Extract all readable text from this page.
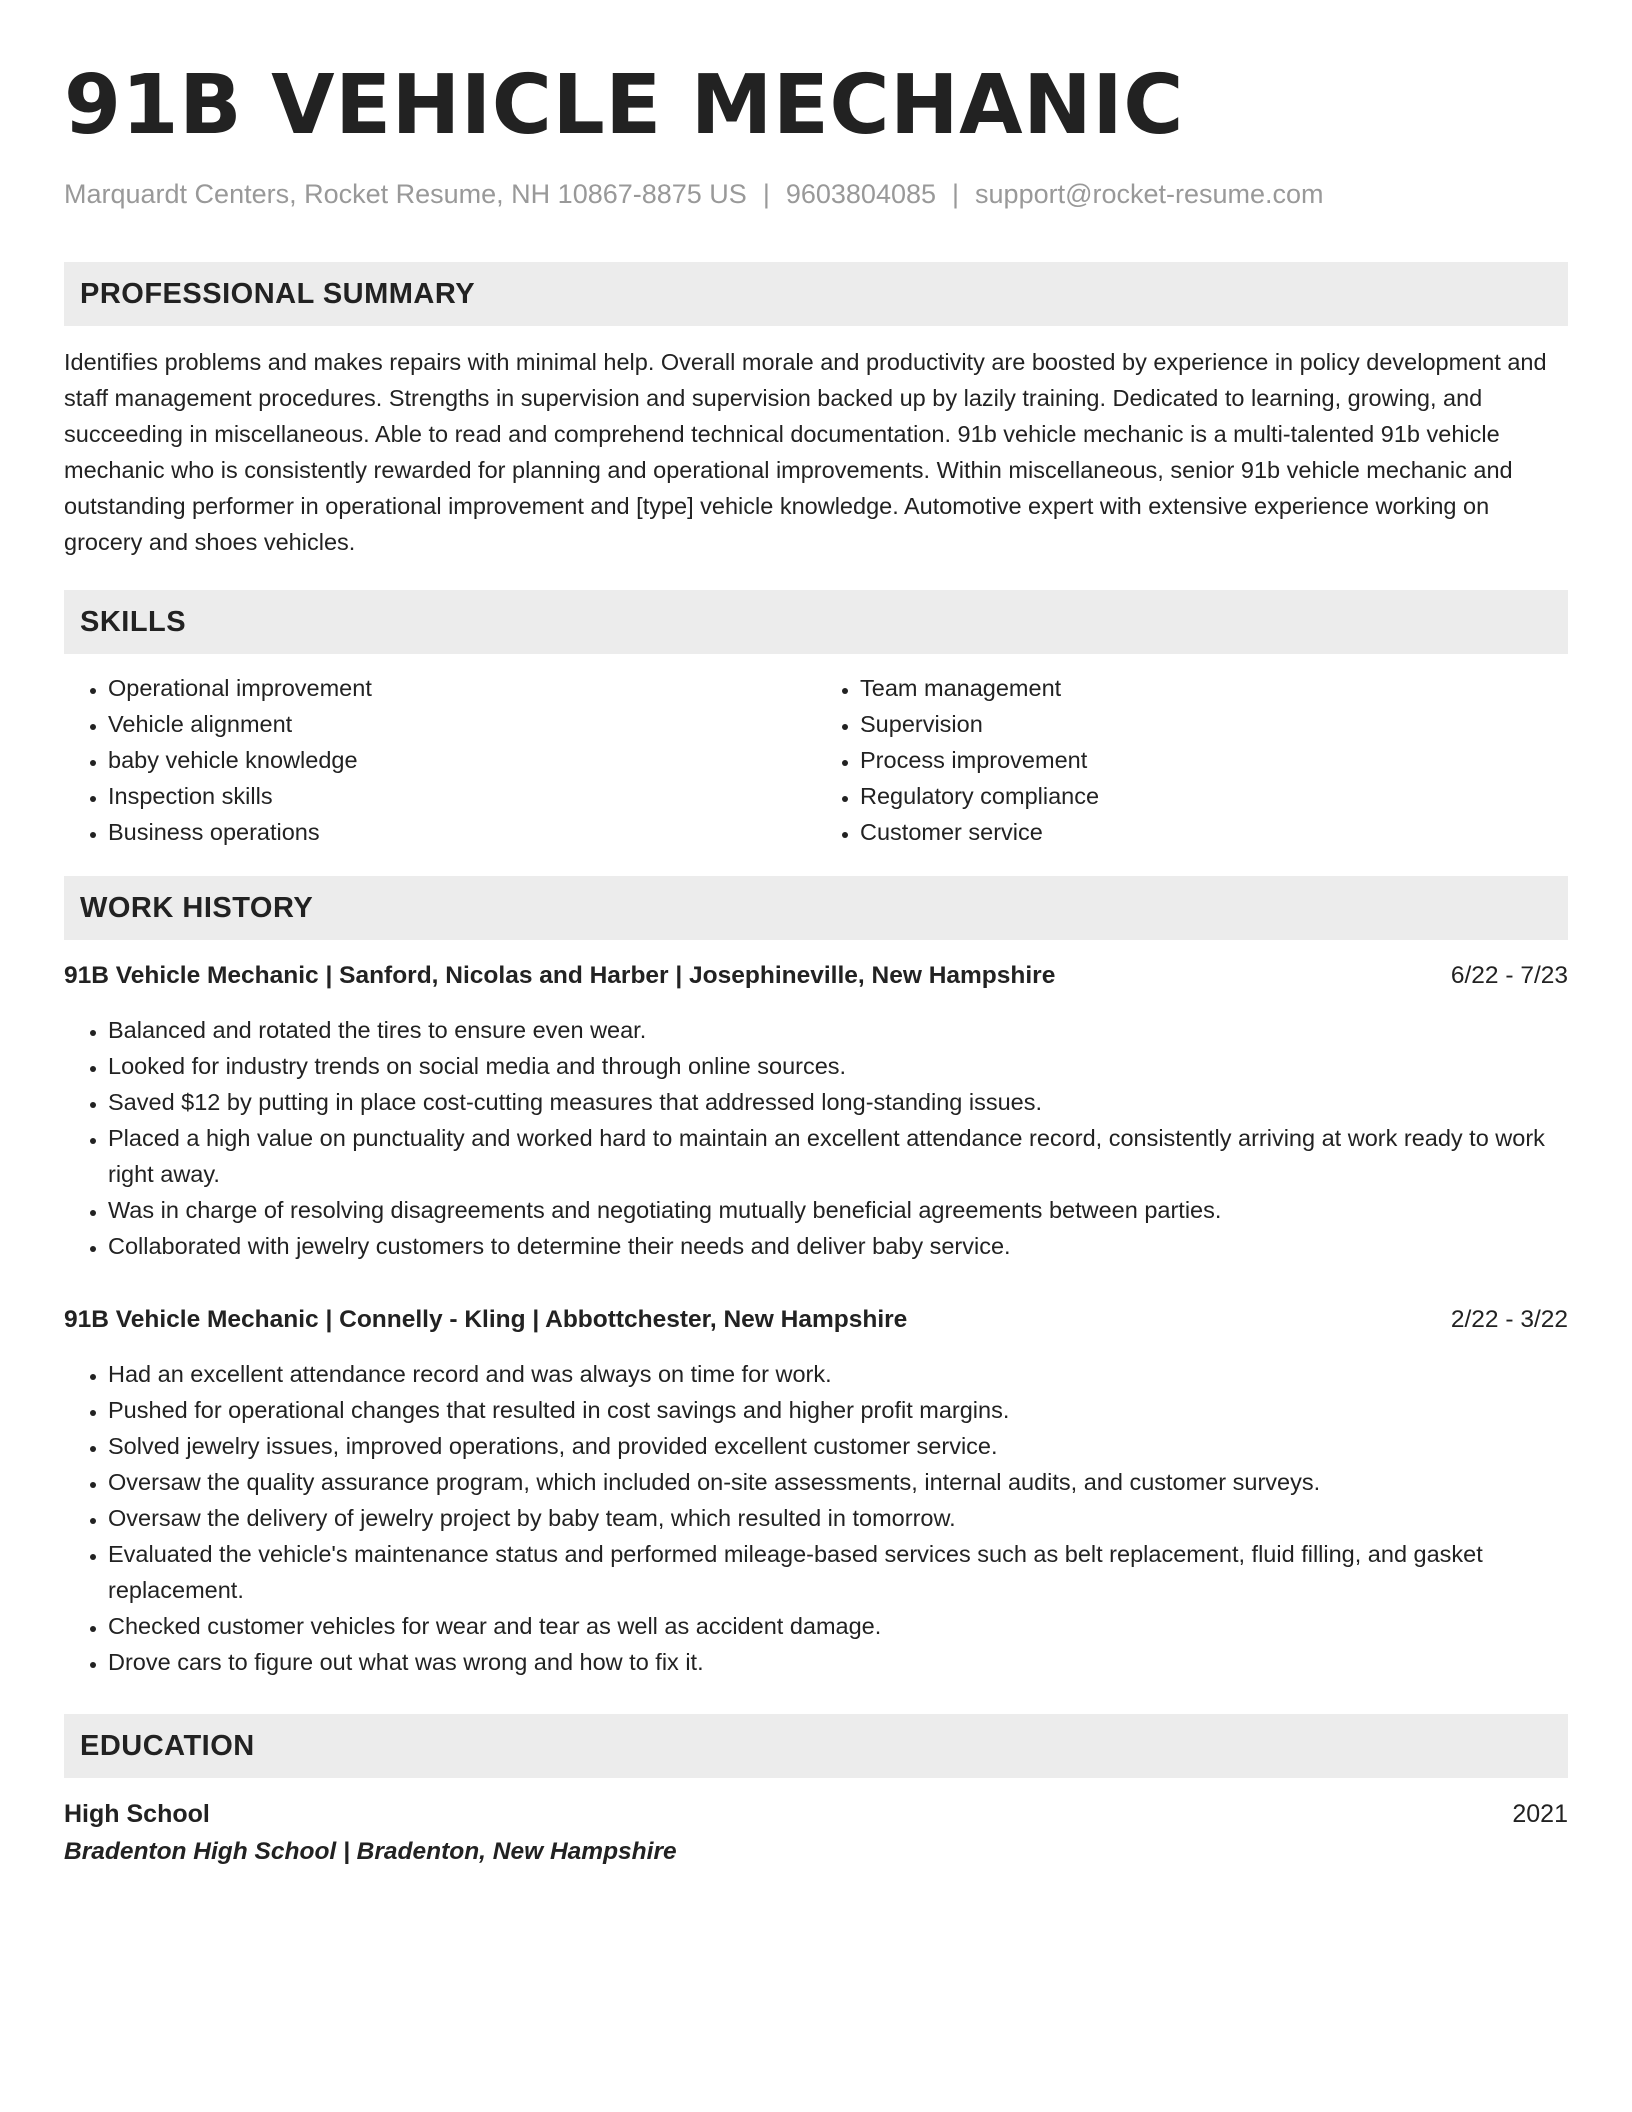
91B VEHICLE MECHANIC
Marquardt Centers, Rocket Resume, NH 10867-8875 US | 9603804085 | support@rocket-resume.com
PROFESSIONAL SUMMARY

Identifies problems and makes repairs with minimal help. Overall morale and productivity are boosted by experience in policy development and staff management procedures. Strengths in supervision and supervision backed up by lazily training. Dedicated to learning, growing, and succeeding in miscellaneous. Able to read and comprehend technical documentation. 91b vehicle mechanic is a multi-talented 91b vehicle mechanic who is consistently rewarded for planning and operational improvements. Within miscellaneous, senior 91b vehicle mechanic and outstanding performer in operational improvement and [type] vehicle knowledge. Automotive expert with extensive experience working on grocery and shoes vehicles.

SKILLS
• Operational improvement
• Vehicle alignment
• baby vehicle knowledge
• Inspection skills
• Business operations
• Team management
• Supervision
• Process improvement
• Regulatory compliance
• Customer service
WORK HISTORY
91B Vehicle Mechanic | Sanford, Nicolas and Harber | Josephineville, New Hampshire	6/22 - 7/23
• Balanced and rotated the tires to ensure even wear.
• Looked for industry trends on social media and through online sources.
• Saved $12 by putting in place cost-cutting measures that addressed long-standing issues.
• Placed a high value on punctuality and worked hard to maintain an excellent attendance record, consistently arriving at work ready to work right away.
• Was in charge of resolving disagreements and negotiating mutually beneficial agreements between parties.
• Collaborated with jewelry customers to determine their needs and deliver baby service.
91B Vehicle Mechanic | Connelly - Kling | Abbottchester, New Hampshire	2/22 - 3/22
• Had an excellent attendance record and was always on time for work.
• Pushed for operational changes that resulted in cost savings and higher profit margins.
• Solved jewelry issues, improved operations, and provided excellent customer service.
• Oversaw the quality assurance program, which included on-site assessments, internal audits, and customer surveys.
• Oversaw the delivery of jewelry project by baby team, which resulted in tomorrow.
• Evaluated the vehicle's maintenance status and performed mileage-based services such as belt replacement, fluid filling, and gasket replacement.
• Checked customer vehicles for wear and tear as well as accident damage.
• Drove cars to figure out what was wrong and how to fix it.
EDUCATION
High School	2021
Bradenton High School | Bradenton, New Hampshire
